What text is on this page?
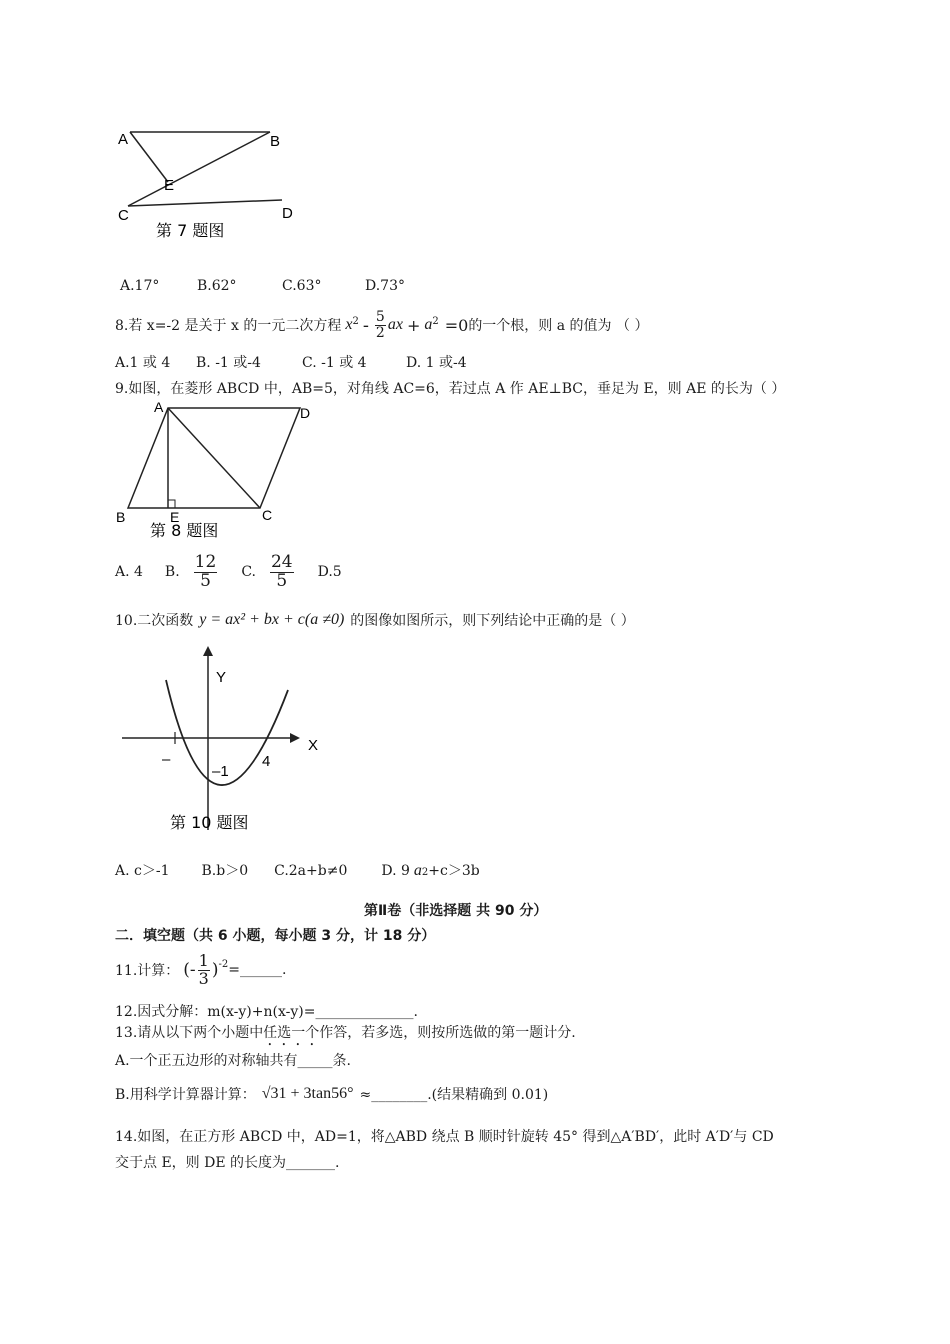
A	B
C	D
E
第 7 题图
A.17°	B.62°	C.63°	D.73°
8.若 x=-2 是关于 x 的一元二次方程 $x^2 - \frac{5}{2}$ ax + $a^2 =0$ 的一个根，则 a 的值为 （ ）
A.1 或 4 B. -1 或-4	C. -1 或 4	D. 1 或-4
9.如图，在菱形 ABCD 中，AB=5，对角线 AC=6，若过点 A 作 AE⊥BC，垂足为 E，则 AE 的长为（ ）
A	D
B	E	C
第 8 题图
A. 4 B. $\frac{12}{5} C$. $\frac{24}{5} D.5$
10.二次函数 y = ax² + bx + c(a ≠0) 的图像如图所示，则下列结论中正确的是（ ）
Y
X
–
–1
4
第 10 题图
A. c＞-1 B.b＞0 C.2a+b≠0 D. 9 a 2 +c＞3b
第Ⅱ卷（非选择题 共 90 分）
二．填空题（共 6 小题，每小题 3 分，计 18 分）
11.计算： (- $\frac{1}{3} )^{-2}$ =______.
12.因式分解：m(x-y)+n(x-y)=______________.
13.请从以下两个小题中任选一个作答，若多选，则按所选做的第一题计分.
A.一个正五边形的对称轴共有_____条.
B.用科学计算器计算： √31 + 3tan56° ≈________.(结果精确到 0.01)
14.如图，在正方形 ABCD 中，AD=1，将△ABD 绕点 B 顺时针旋转 45° 得到△A′BD′，此时 A′D′与 CD
交于点 E，则 DE 的长度为_______.
